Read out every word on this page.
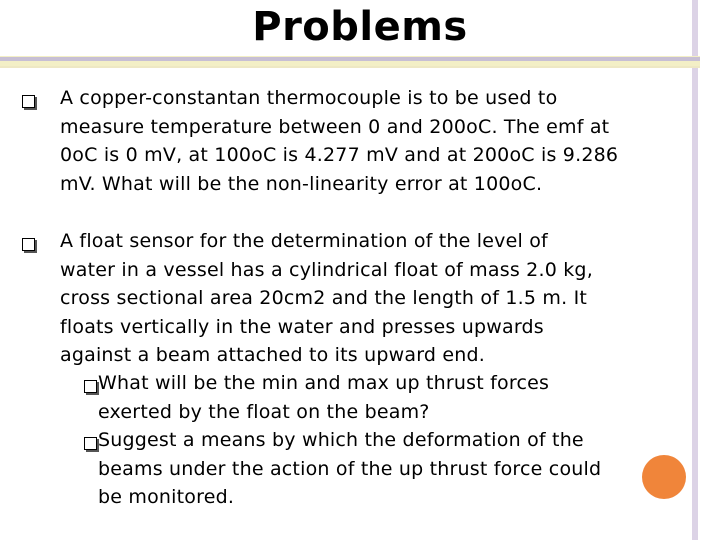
Problems
A copper-constantan thermocouple is to be used to
measure temperature between 0 and 200oC. The emf at
0oC is 0 mV, at 100oC is 4.277 mV and at 200oC is 9.286
mV. What will be the non-linearity error at 100oC.
A float sensor for the determination of the level of
water in a vessel has a cylindrical float of mass 2.0 kg,
cross sectional area 20cm2 and the length of 1.5 m. It
floats vertically in the water and presses upwards
against a beam attached to its upward end.
What will be the min and max up thrust forces
exerted by the float on the beam?
Suggest a means by which the deformation of the
beams under the action of the up thrust force could
be monitored.
